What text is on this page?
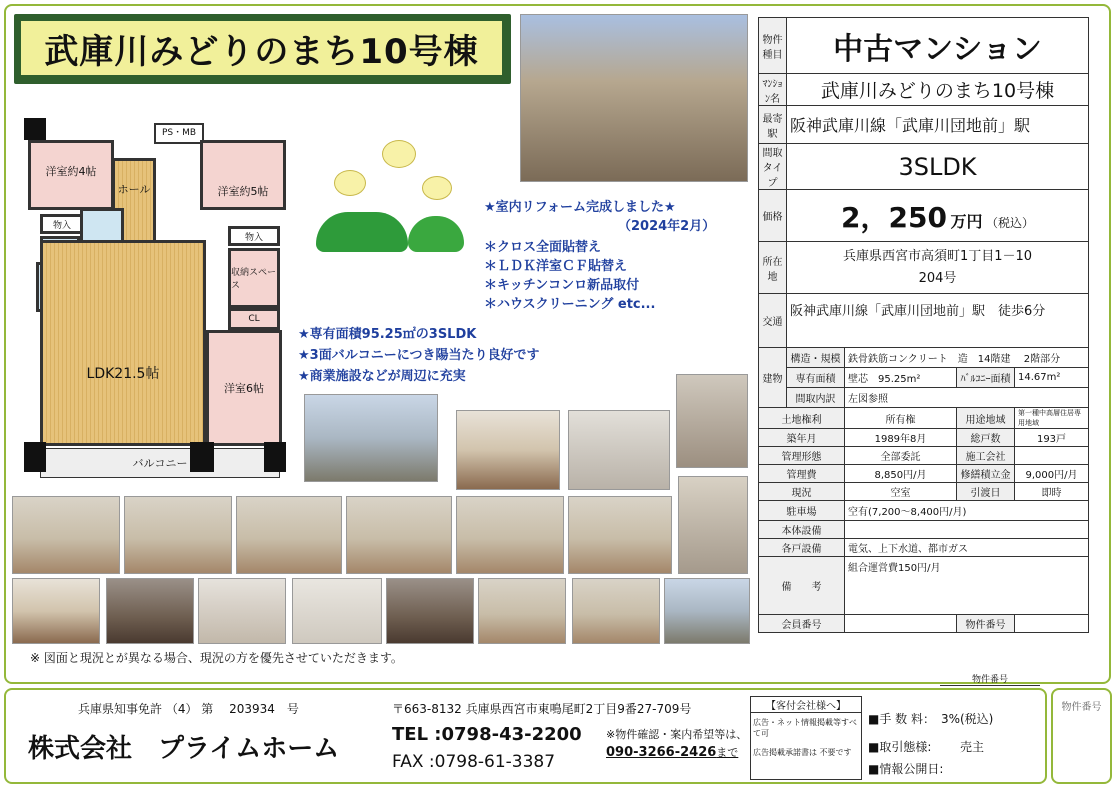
武庫川みどりのまち10号棟
PS・MB
洋室約4帖
ホール	洋室約5帖
物入
物入
収納スペース
CL
LDK21.5帖
洋室6帖
バルコニー
★室内リフォーム完成しました★
（2024年2月）
＊クロス全面貼替え
＊ＬＤＫ洋室ＣＦ貼替え
＊キッチンコンロ新品取付
＊ハウスクリーニング etc...
★専有面積95.25㎡の3SLDK
★3面バルコニーにつき陽当たり良好です
★商業施設などが周辺に充実
※ 図面と現況とが異なる場合、現況の方を優先させていただきます。
物件種目	中古マンション			
ﾏﾝｼｮﾝ名	武庫川みどりのまち10号棟			
最寄駅	阪神武庫川線「武庫川団地前」駅			
間取タイプ	3SLDK			
価格	2，250 万円 （税込）			
所在地	兵庫県西宮市高須町1丁目1－10
204号			

交通	阪神武庫川線「武庫川団地前」駅　徒歩6分			
建物	構造・規模	鉄骨鉄筋コンクリート　造　14階建　 2階部分		
	専有面積	壁芯　95.25m²	ﾊﾞﾙｺﾆｰ面積	14.67m²
	間取内訳	左図参照		
土地権利		所有権	用途地域	第一種中高層住居専用地域
築年月		1989年8月	総戸数	193戸
管理形態		全部委託	施工会社	
管理費		8,850円/月	修繕積立金	9,000円/月
現況		空室	引渡日	即時
駐車場		空有(7,200～8,400円/月)		
本体設備				
各戸設備		電気、上下水道、都市ガス		
備　　考		組合運営費150円/月		
会員番号			物件番号	
物件番号
兵庫県知事免許 （4） 第　 203934　号
株式会社　プライムホーム
〒663-8132 兵庫県西宮市東鳴尾町2丁目9番27-709号
TEL :0798-43-2200
FAX :0798-61-3387
※物件確認・案内希望等は、
090-3266-2426まで
【客付会社様へ】
広告・ネット情報掲載等すべて可
広告掲載承諾書は 不要です
■手 数 料：　3%(税込)
■取引態様: 売主
■情報公開日:
物件番号
